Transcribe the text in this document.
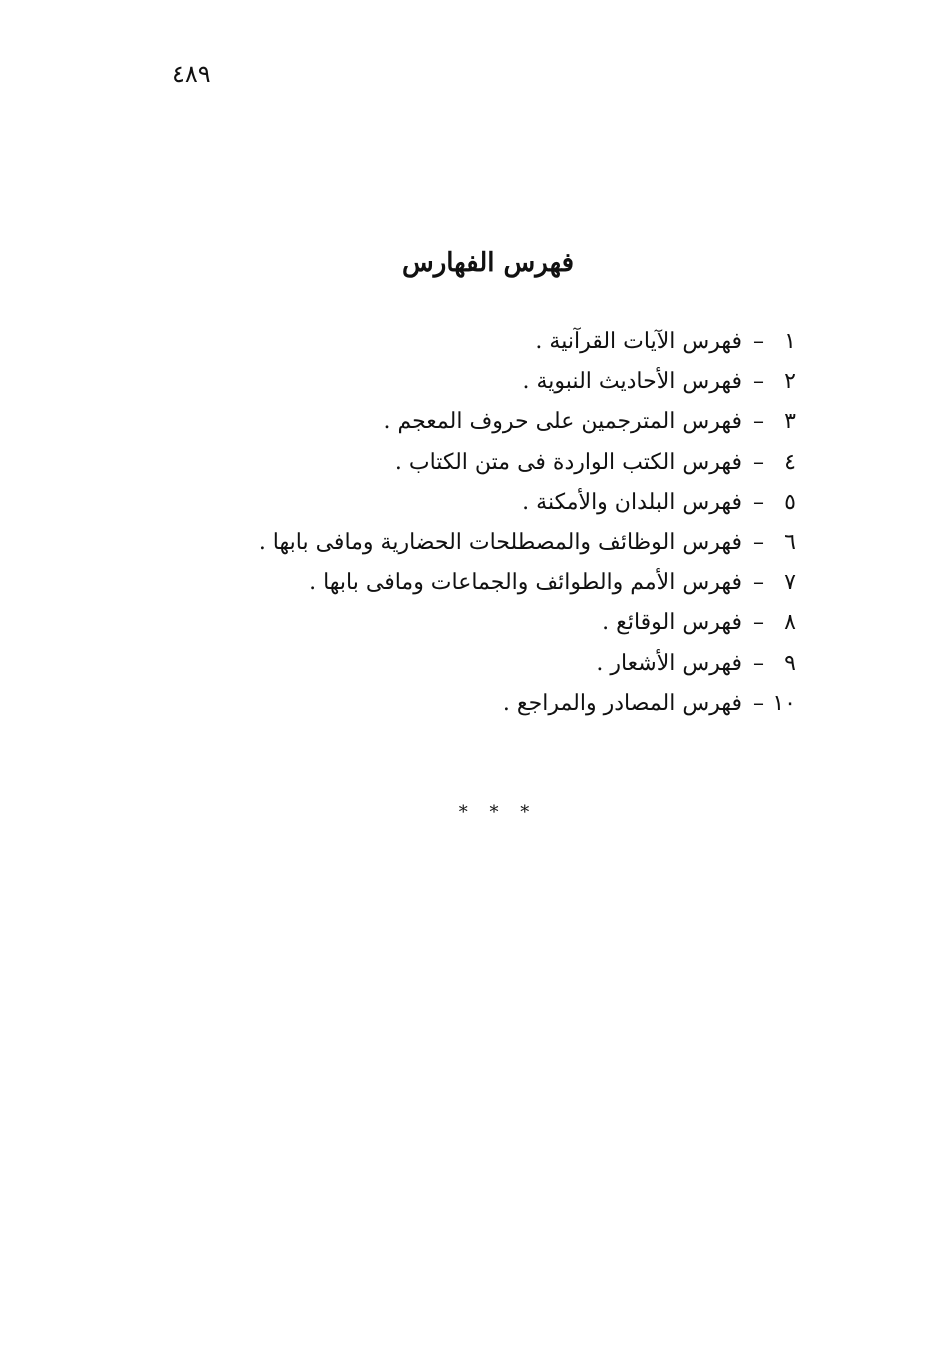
٤٨٩
فهرس الفهارس
١– فهرس الآيات القرآنية .
٢– فهرس الأحاديث النبوية .
٣– فهرس المترجمين على حروف المعجم .
٤– فهرس الكتب الواردة فى متن الكتاب .
٥– فهرس البلدان والأمكنة .
٦– فهرس الوظائف والمصطلحات الحضارية ومافى بابها .
٧– فهرس الأمم والطوائف والجماعات ومافى بابها .
٨– فهرس الوقائع .
٩– فهرس الأشعار .
١٠– فهرس المصادر والمراجع .
* * *
